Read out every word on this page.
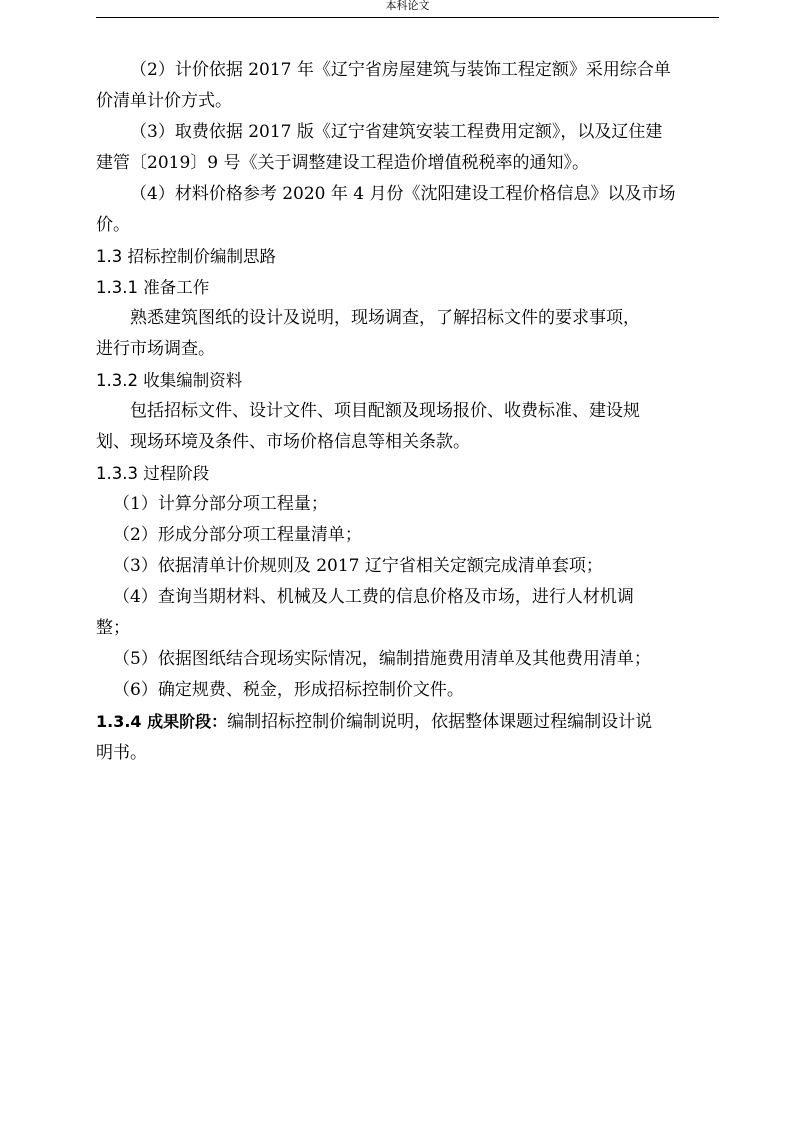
本科论文

（2）计价依据 2017 年《辽宁省房屋建筑与装饰工程定额》采用综合单

价清单计价方式。

（3）取费依据 2017 版《辽宁省建筑安装工程费用定额》，以及辽住建

建管〔2019〕9 号《关于调整建设工程造价增值税税率的通知》。

（4）材料价格参考 2020 年 4 月份《沈阳建设工程价格信息》以及市场

价。

1.3 招标控制价编制思路

1.3.1 准备工作

熟悉建筑图纸的设计及说明，现场调查，了解招标文件的要求事项，

进行市场调查。

1.3.2 收集编制资料

包括招标文件、设计文件、项目配额及现场报价、收费标准、建设规

划、现场环境及条件、市场价格信息等相关条款。

1.3.3 过程阶段

（1）计算分部分项工程量；

（2）形成分部分项工程量清单；

（3）依据清单计价规则及 2017 辽宁省相关定额完成清单套项；

（4）查询当期材料、机械及人工费的信息价格及市场，进行人材机调

整；

（5）依据图纸结合现场实际情况，编制措施费用清单及其他费用清单；

（6）确定规费、税金，形成招标控制价文件。

1.3.4 成果阶段：编制招标控制价编制说明，依据整体课题过程编制设计说

明书。
